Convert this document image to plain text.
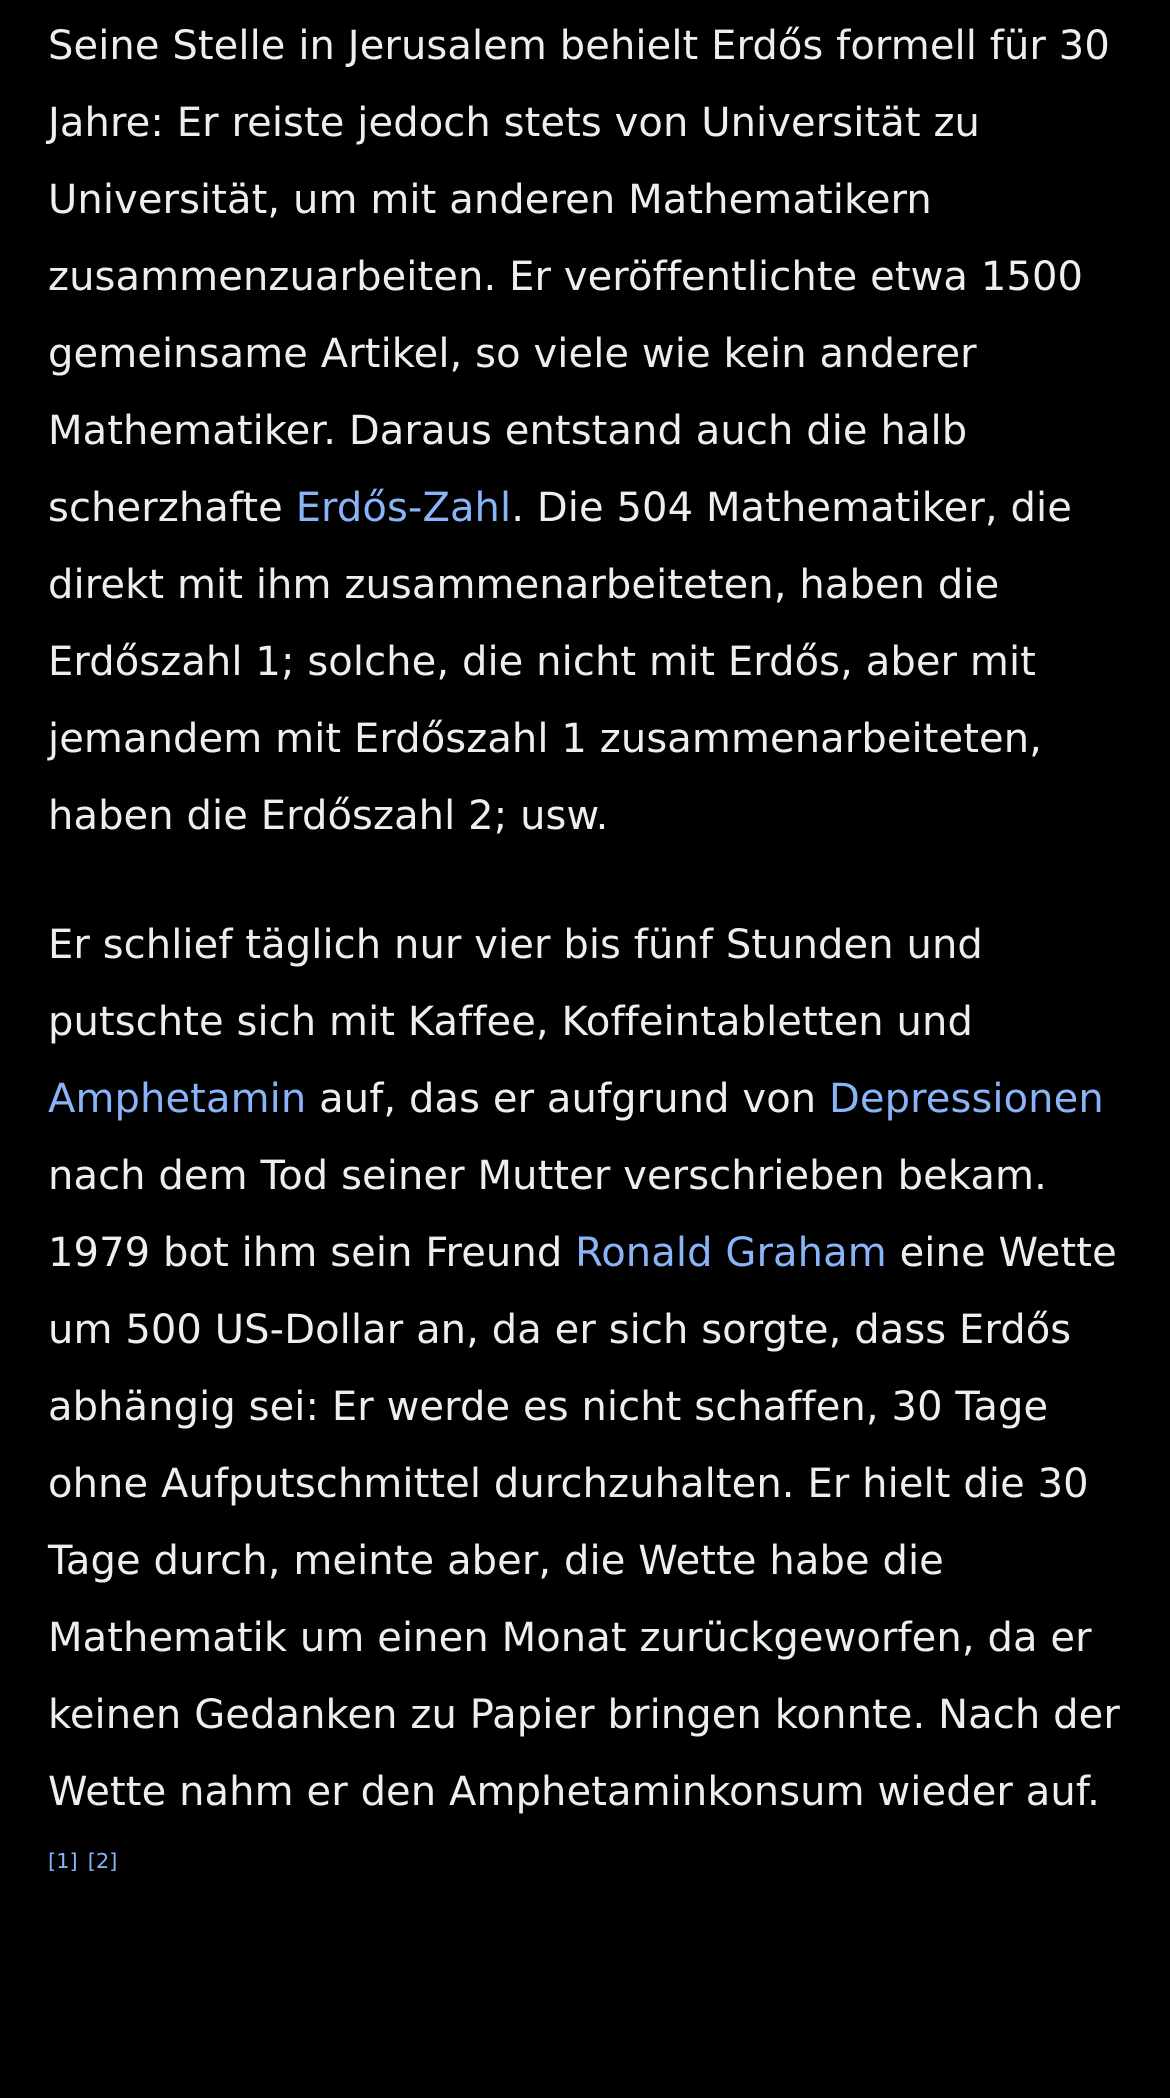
Seine Stelle in Jerusalem behielt Erdős formell für 30 Jahre: Er reiste jedoch stets von Universität zu Universität, um mit anderen Mathematikern zusammenzuarbeiten. Er veröffentlichte etwa 1500 gemeinsame Artikel, so viele wie kein anderer Mathematiker. Daraus entstand auch die halb scherzhafte Erdős-Zahl. Die 504 Mathematiker, die direkt mit ihm zusammenarbeiteten, haben die Erdőszahl 1; solche, die nicht mit Erdős, aber mit jemandem mit Erdőszahl 1 zusammenarbeiteten, haben die Erdőszahl 2; usw.

Er schlief täglich nur vier bis fünf Stunden und putschte sich mit Kaffee, Koffeintabletten und Amphetamin auf, das er aufgrund von Depressionen nach dem Tod seiner Mutter verschrieben bekam. 1979 bot ihm sein Freund Ronald Graham eine Wette um 500 US-Dollar an, da er sich sorgte, dass Erdős abhängig sei: Er werde es nicht schaffen, 30 Tage ohne Aufputschmittel durchzuhalten. Er hielt die 30 Tage durch, meinte aber, die Wette habe die Mathematik um einen Monat zurückgeworfen, da er keinen Gedanken zu Papier bringen konnte. Nach der Wette nahm er den Amphetaminkonsum wieder auf.[1] [2]
